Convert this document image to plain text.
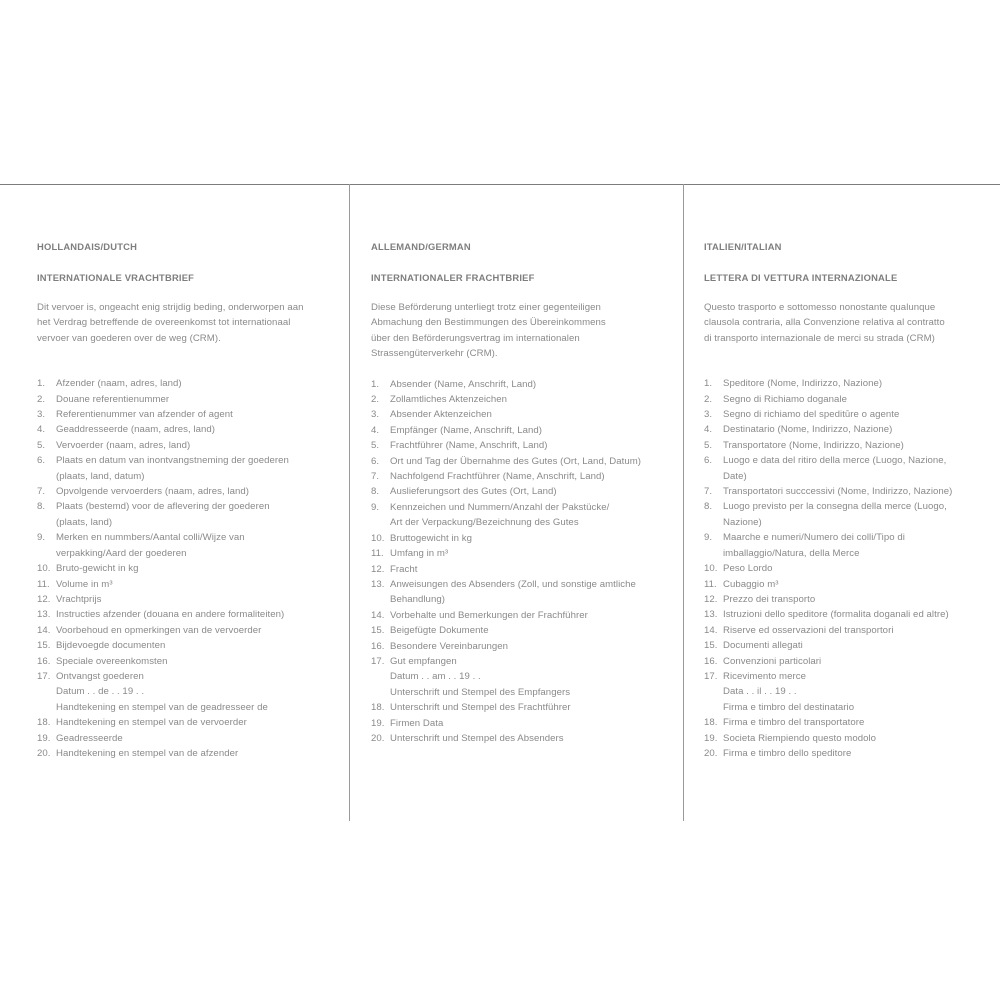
HOLLANDAIS/DUTCH
INTERNATIONALE VRACHTBRIEF
Dit vervoer is, ongeacht enig strijdig beding, onderworpen aan
het Verdrag betreffende de overeenkomst tot internationaal
vervoer van goederen over de weg (CRM).
1.	Afzender (naam, adres, land)
2.	Douane referentienummer
3.	Referentienummer van afzender of agent
4.	Geaddresseerde (naam, adres, land)
5.	Vervoerder (naam, adres, land)
6.	Plaats en datum van inontvangstneming der goederen
(plaats, land, datum)
7.	Opvolgende vervoerders (naam, adres, land)
8.	Plaats (bestemd) voor de aflevering der goederen
(plaats, land)
9.	Merken en nummbers/Aantal colli/Wijze van
verpakking/Aard der goederen
10. Bruto-gewicht in kg
11. Volume in m³
12. Vrachtprijs
13. Instructies afzender (douana en andere formaliteiten)
14. Voorbehoud en opmerkingen van de vervoerder
15. Bijdevoegde documenten
16. Speciale overeenkomsten
17. Ontvangst goederen
Datum . . de . . 19 . .
Handtekening en stempel van de geadresseer de
18. Handtekening en stempel van de vervoerder
19. Geadresseerde
20. Handtekening en stempel van de afzender
ALLEMAND/GERMAN
INTERNATIONALER FRACHTBRIEF
Diese Beförderung unterliegt trotz einer gegenteiligen
Abmachung den Bestimmungen des Übereinkommens
über den Beförderungsvertrag im internationalen
Strassengüterverkehr (CRM).
1.	Absender (Name, Anschrift, Land)
2.	Zollamtliches Aktenzeichen
3.	Absender Aktenzeichen
4.	Empfänger (Name, Anschrift, Land)
5.	Frachtführer (Name, Anschrift, Land)
6.	Ort und Tag der Übernahme des Gutes (Ort, Land, Datum)
7.	Nachfolgend Frachtführer (Name, Anschrift, Land)
8.	Auslieferungsort des Gutes (Ort, Land)
9.	Kennzeichen und Nummern/Anzahl der Pakstücke/
Art der Verpackung/Bezeichnung des Gutes
10. Bruttogewicht in kg
11. Umfang in m³
12. Fracht
13. Anweisungen des Absenders (Zoll, und sonstige amtliche
Behandlung)
14. Vorbehalte und Bemerkungen der Frachführer
15. Beigefügte Dokumente
16. Besondere Vereinbarungen
17. Gut empfangen
Datum . . am . . 19 . .
Unterschrift und Stempel des Empfangers
18. Unterschrift und Stempel des Frachtführer
19. Firmen Data
20. Unterschrift und Stempel des Absenders
ITALIEN/ITALIAN
LETTERA DI VETTURA INTERNAZIONALE
Questo trasporto e sottomesso nonostante qualunque
clausola contraria, alla Convenzione relativa al contratto
di transporto internazionale de merci su strada (CRM)
1.	Speditore (Nome, Indirizzo, Nazione)
2.	Segno di Richiamo doganale
3.	Segno di richiamo del speditūre o agente
4.	Destinatario (Nome, Indirizzo, Nazione)
5.	Transportatore (Nome, Indirizzo, Nazione)
6.	Luogo e data del ritiro della merce (Luogo, Nazione,
Date)
7.	Transportatori succcessivi (Nome, Indirizzo, Nazione)
8.	Luogo previsto per la consegna della merce (Luogo,
Nazione)
9.	Maarche e numeri/Numero dei colli/Tipo di
imballaggio/Natura, della Merce
10. Peso Lordo
11. Cubaggio m³
12. Prezzo dei transporto
13. Istruzioni dello speditore (formalita doganali ed altre)
14. Riserve ed osservazioni del transportori
15. Documenti allegati
16. Convenzioni particolari
17. Ricevimento merce
Data . . il . . 19 . .
Firma e timbro del destinatario
18. Firma e timbro del transportatore
19. Societa Riempiendo questo modolo
20. Firma e timbro dello speditore
